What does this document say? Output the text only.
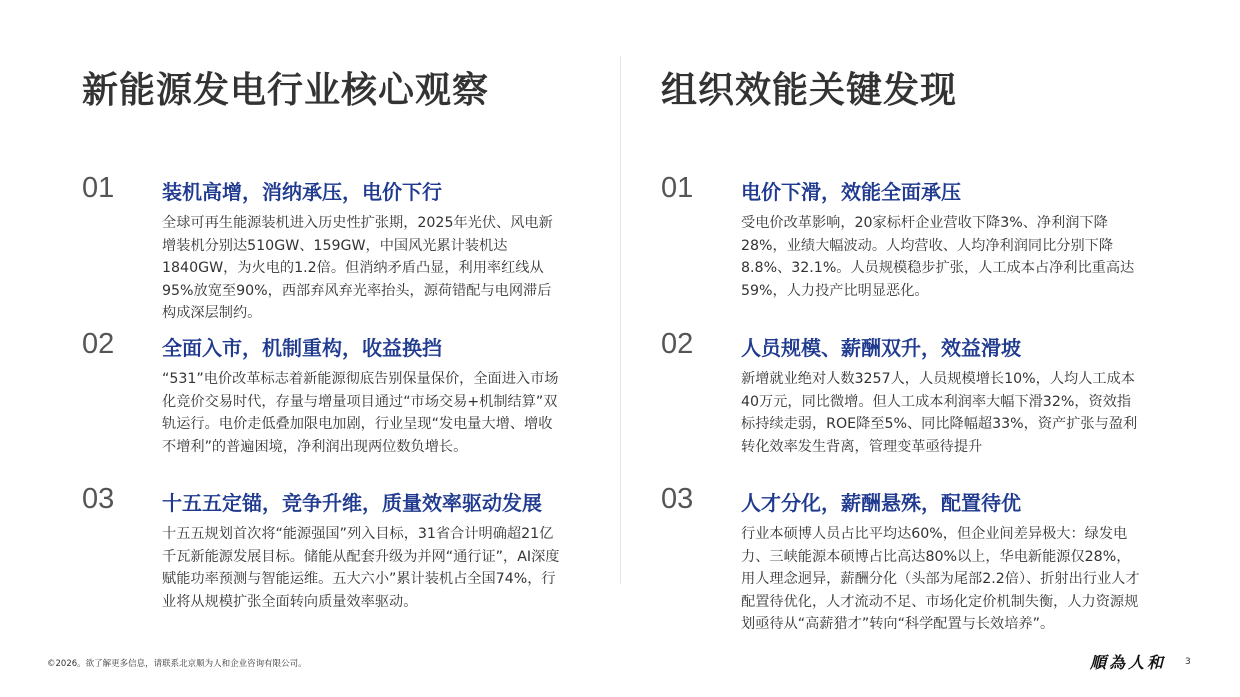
新能源发电行业核心观察
01 装机高增，消纳承压，电价下行
全球可再生能源装机进入历史性扩张期，2025年光伏、风电新增装机分别达510GW、159GW，中国风光累计装机达1840GW，为火电的1.2倍。但消纳矛盾凸显，利用率红线从95%放宽至90%，西部弃风弃光率抬头，源荷错配与电网滞后构成深层制约。
02 全面入市，机制重构，收益换挡
“531”电价改革标志着新能源彻底告别保量保价，全面进入市场化竞价交易时代，存量与增量项目通过“市场交易+机制结算”双轨运行。电价走低叠加限电加剧，行业呈现“发电量大增、增收不增利”的普遍困境，净利润出现两位数负增长。
03 十五五定锚，竞争升维，质量效率驱动发展
十五五规划首次将“能源强国”列入目标，31省合计明确超21亿千瓦新能源发展目标。储能从配套升级为并网“通行证”，AI深度赋能功率预测与智能运维。五大六小”累计装机占全国74%，行业将从规模扩张全面转向质量效率驱动。
组织效能关键发现
01 电价下滑，效能全面承压
受电价改革影响，20家标杆企业营收下降3%、净利润下降28%，业绩大幅波动。人均营收、人均净利润同比分别下降8.8%、32.1%。人员规模稳步扩张，人工成本占净利比重高达59%，人力投产比明显恶化。
02 人员规模、薪酬双升，效益滑坡
新增就业绝对人数3257人，人员规模增长10%，人均人工成本40万元，同比微增。但人工成本利润率大幅下滑32%，资效指标持续走弱，ROE降至5%、同比降幅超33%，资产扩张与盈利转化效率发生背离，管理变革亟待提升
03 人才分化，薪酬悬殊，配置待优
行业本硕博人员占比平均达60%，但企业间差异极大：绿发电力、三峡能源本硕博占比高达80%以上，华电新能源仅28%，用人理念迥异，薪酬分化（头部为尾部2.2倍）、折射出行业人才配置待优化，人才流动不足、市场化定价机制失衡，人力资源规划亟待从“高薪猎才”转向“科学配置与长效培养”。
©2026。欲了解更多信息，请联系北京顺为人和企业咨询有限公司。	順為人和 3
